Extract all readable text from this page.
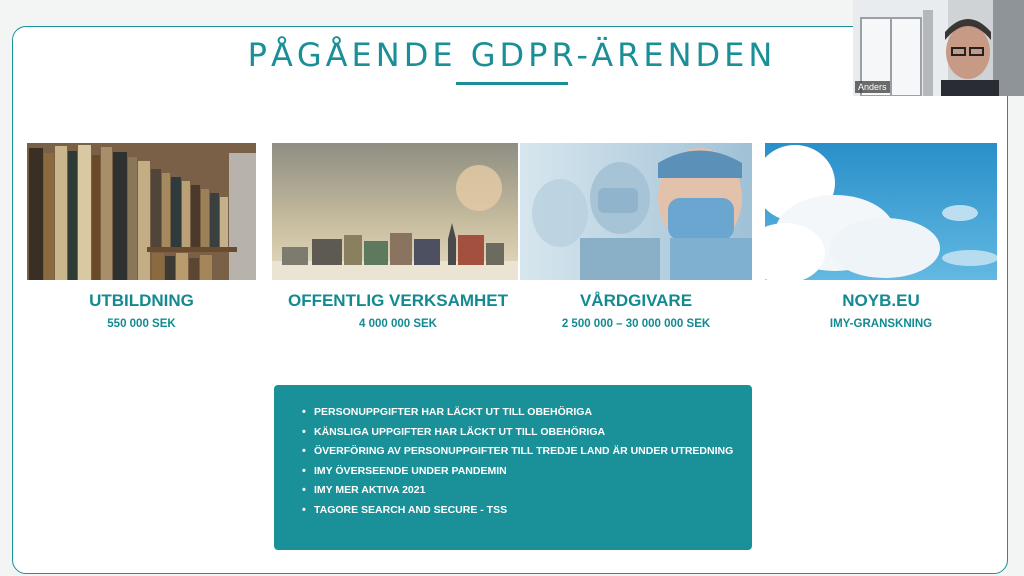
PÅGÅENDE GDPR-ÄRENDEN
UTBILDNING
550 000 SEK
OFFENTLIG VERKSAMHET
4 000 000 SEK
VÅRDGIVARE
2 500 000 – 30 000 000 SEK
NOYB.EU
IMY-GRANSKNING
• PERSONUPPGIFTER HAR LÄCKT UT TILL OBEHÖRIGA
• KÄNSLIGA UPPGIFTER HAR LÄCKT UT TILL OBEHÖRIGA
• ÖVERFÖRING AV PERSONUPPGIFTER TILL TREDJE LAND ÄR UNDER UTREDNING
• IMY ÖVERSEENDE UNDER PANDEMIN
• IMY MER AKTIVA 2021
• TAGORE SEARCH AND SECURE - TSS
Anders
